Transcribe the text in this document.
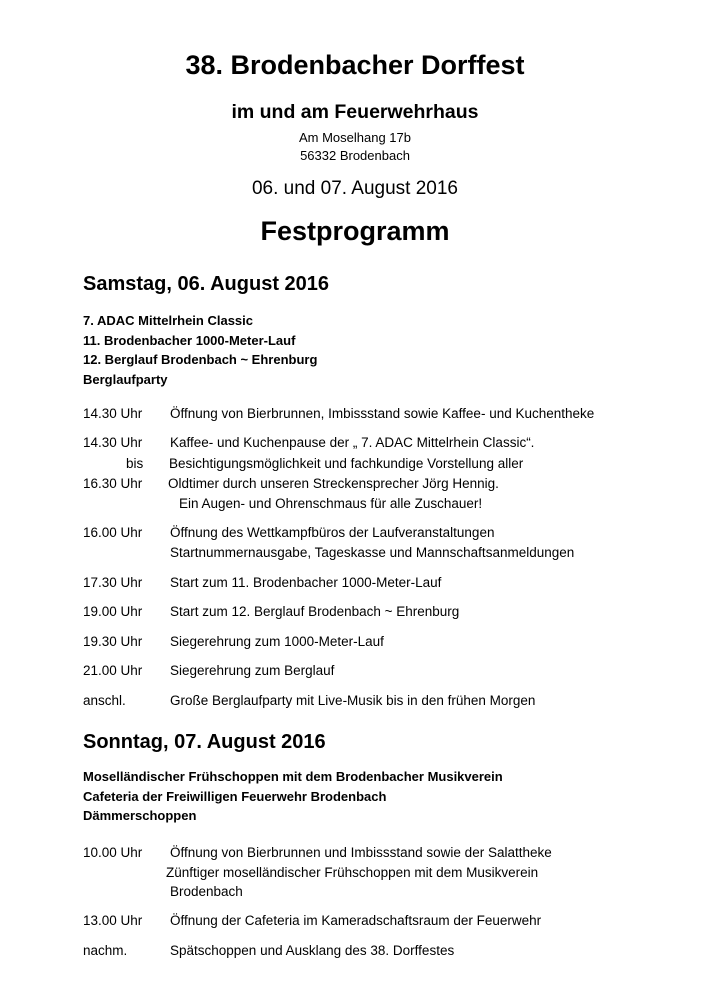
38. Brodenbacher Dorffest
im und am Feuerwehrhaus
Am Moselhang 17b
56332 Brodenbach
06. und 07. August 2016
Festprogramm
Samstag, 06. August 2016
7. ADAC Mittelrhein Classic
11. Brodenbacher 1000-Meter-Lauf
12. Berglauf Brodenbach ~ Ehrenburg
Berglaufparty
14.30 Uhr Öffnung von Bierbrunnen, Imbissstand sowie Kaffee- und Kuchentheke
14.30 Uhr
bis
16.30 Uhr
Kaffee- und Kuchenpause der „ 7. ADAC Mittelrhein Classic“.
Besichtigungsmöglichkeit und fachkundige Vorstellung aller
Oldtimer durch unseren Streckensprecher Jörg Hennig.
Ein Augen- und Ohrenschmaus für alle Zuschauer!
16.00 Uhr Öffnung des Wettkampfbüros der Laufveranstaltungen
Startnummernausgabe, Tageskasse und Mannschaftsanmeldungen
17.30 Uhr Start zum 11. Brodenbacher 1000-Meter-Lauf
19.00 Uhr Start zum 12. Berglauf Brodenbach ~ Ehrenburg
19.30 Uhr Siegerehrung zum 1000-Meter-Lauf
21.00 Uhr Siegerehrung zum Berglauf
anschl.	Große Berglaufparty mit Live-Musik bis in den frühen Morgen
Sonntag, 07. August 2016
Moselländischer Frühschoppen mit dem Brodenbacher Musikverein
Cafeteria der Freiwilligen Feuerwehr Brodenbach
Dämmerschoppen
10.00 Uhr Öffnung von Bierbrunnen und Imbissstand sowie der Salattheke
Zünftiger moselländischer Frühschoppen mit dem Musikverein
Brodenbach
13.00 Uhr Öffnung der Cafeteria im Kameradschaftsraum der Feuerwehr
nachm.	Spätschoppen und Ausklang des 38. Dorffestes
